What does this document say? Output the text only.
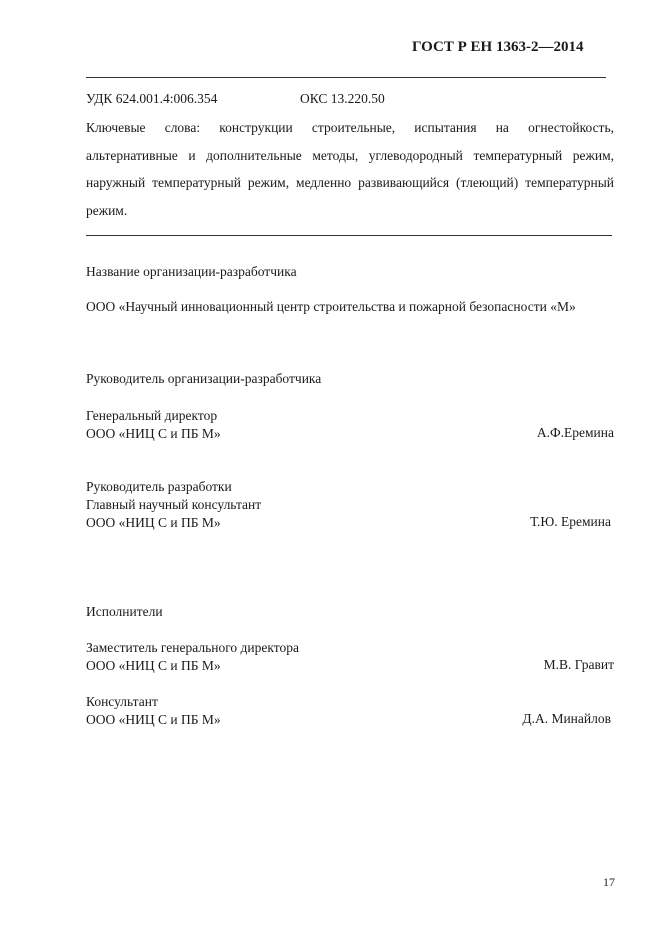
ГОСТ Р ЕН 1363-2—2014
УДК 624.001.4:006.354	ОКС 13.220.50
Ключевые слова: конструкции строительные, испытания на огнестойкость, альтернативные и дополнительные методы, углеводородный температурный режим, наружный температурный режим, медленно развивающийся (тлеющий) температурный режим.
Название организации-разработчика
ООО «Научный инновационный центр строительства и пожарной безопасности «М»
Руководитель организации-разработчика
Генеральный директор
ООО «НИЦ С и ПБ М»	А.Ф.Еремина
Руководитель разработки
Главный научный консультант
ООО «НИЦ С и ПБ М»	Т.Ю. Еремина
Исполнители
Заместитель генерального директора
ООО «НИЦ С и ПБ М»	М.В. Гравит
Консультант
ООО «НИЦ С и ПБ М»	Д.А. Минайлов
17
